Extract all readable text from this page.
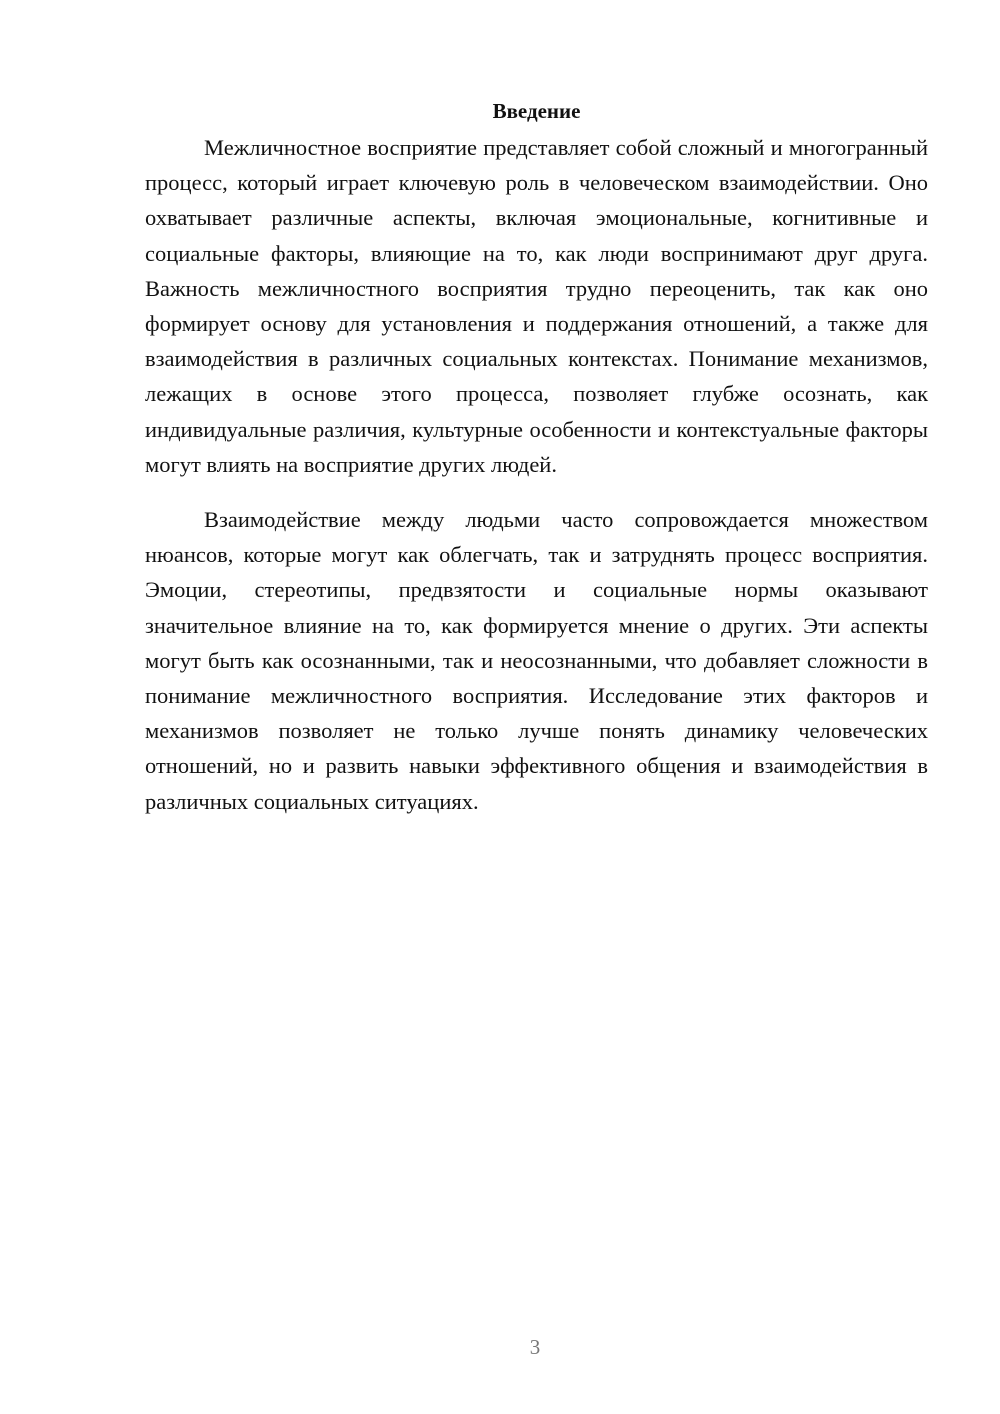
Введение

Межличностное восприятие представляет собой сложный и многогранный процесс, который играет ключевую роль в человеческом взаимодействии. Оно охватывает различные аспекты, включая эмоциональные, когнитивные и социальные факторы, влияющие на то, как люди воспринимают друг друга. Важность межличностного восприятия трудно переоценить, так как оно формирует основу для установления и поддержания отношений, а также для взаимодействия в различных социальных контекстах. Понимание механизмов, лежащих в основе этого процесса, позволяет глубже осознать, как индивидуальные различия, культурные особенности и контекстуальные факторы могут влиять на восприятие других людей.

Взаимодействие между людьми часто сопровождается множеством нюансов, которые могут как облегчать, так и затруднять процесс восприятия. Эмоции, стереотипы, предвзятости и социальные нормы оказывают значительное влияние на то, как формируется мнение о других. Эти аспекты могут быть как осознанными, так и неосознанными, что добавляет сложности в понимание межличностного восприятия. Исследование этих факторов и механизмов позволяет не только лучше понять динамику человеческих отношений, но и развить навыки эффективного общения и взаимодействия в различных социальных ситуациях.

3
